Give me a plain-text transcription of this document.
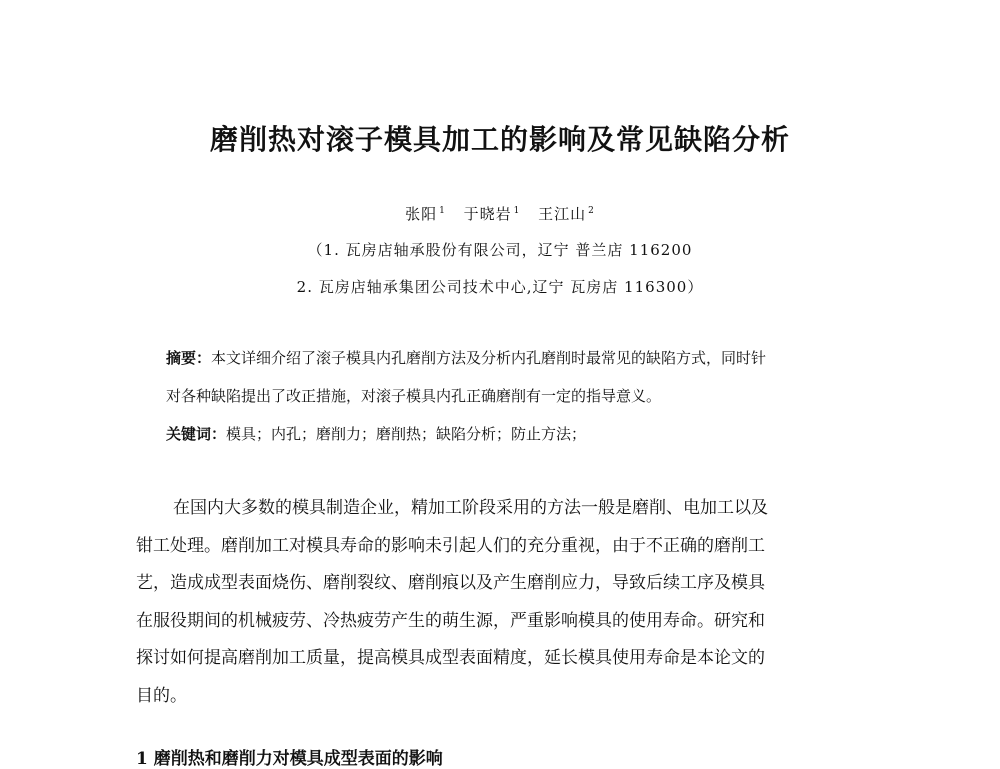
磨削热对滚子模具加工的影响及常见缺陷分析
张阳 $^1$ 于晓岩 $^1$ 王江山 $^2$
（1. 瓦房店轴承股份有限公司，辽宁 普兰店 116200
2. 瓦房店轴承集团公司技术中心,辽宁 瓦房店 116300）
摘要：本文详细介绍了滚子模具内孔磨削方法及分析内孔磨削时最常见的缺陷方式，同时针
对各种缺陷提出了改正措施，对滚子模具内孔正确磨削有一定的指导意义。
关键词：模具；内孔；磨削力；磨削热；缺陷分析；防止方法；
在国内大多数的模具制造企业，精加工阶段采用的方法一般是磨削、电加工以及
钳工处理。磨削加工对模具寿命的影响未引起人们的充分重视，由于不正确的磨削工
艺，造成成型表面烧伤、磨削裂纹、磨削痕以及产生磨削应力，导致后续工序及模具
在服役期间的机械疲劳、冷热疲劳产生的萌生源，严重影响模具的使用寿命。研究和
探讨如何提高磨削加工质量，提高模具成型表面精度，延长模具使用寿命是本论文的
目的。
1 磨削热和磨削力对模具成型表面的影响
